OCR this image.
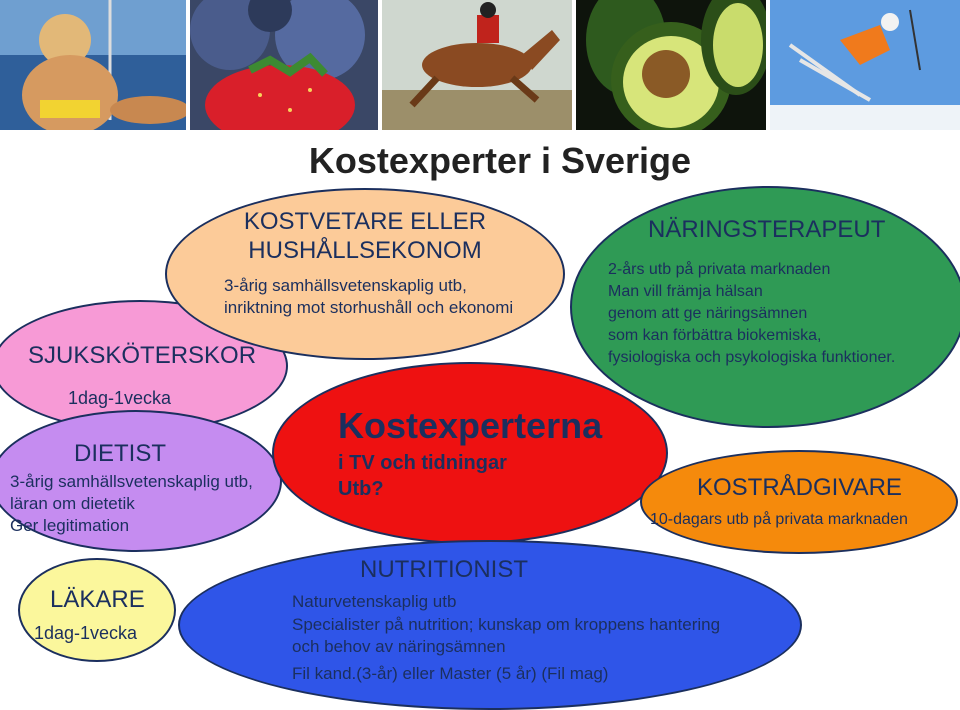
Kostexperter i Sverige
SJUKSKÖTERSKOR
1dag-1vecka
DIETIST
3-årig samhällsvetenskaplig utb,
läran om dietetik
Ger legitimation
LÄKARE
1dag-1vecka
KOSTVETARE ELLER
HUSHÅLLSEKONOM
3-årig samhällsvetenskaplig utb,
inriktning mot storhushåll och ekonomi
Kostexperterna
i TV och tidningar
Utb?
NÄRINGSTERAPEUT
2-års utb på privata marknaden
Man vill främja hälsan
genom att ge näringsämnen
som kan förbättra biokemiska,
fysiologiska och psykologiska funktioner.
KOSTRÅDGIVARE
10-dagars utb på privata marknaden
NUTRITIONIST
Naturvetenskaplig utb
Specialister på nutrition; kunskap om kroppens hantering
och behov av näringsämnen
Fil kand.(3-år) eller Master (5 år) (Fil mag)
